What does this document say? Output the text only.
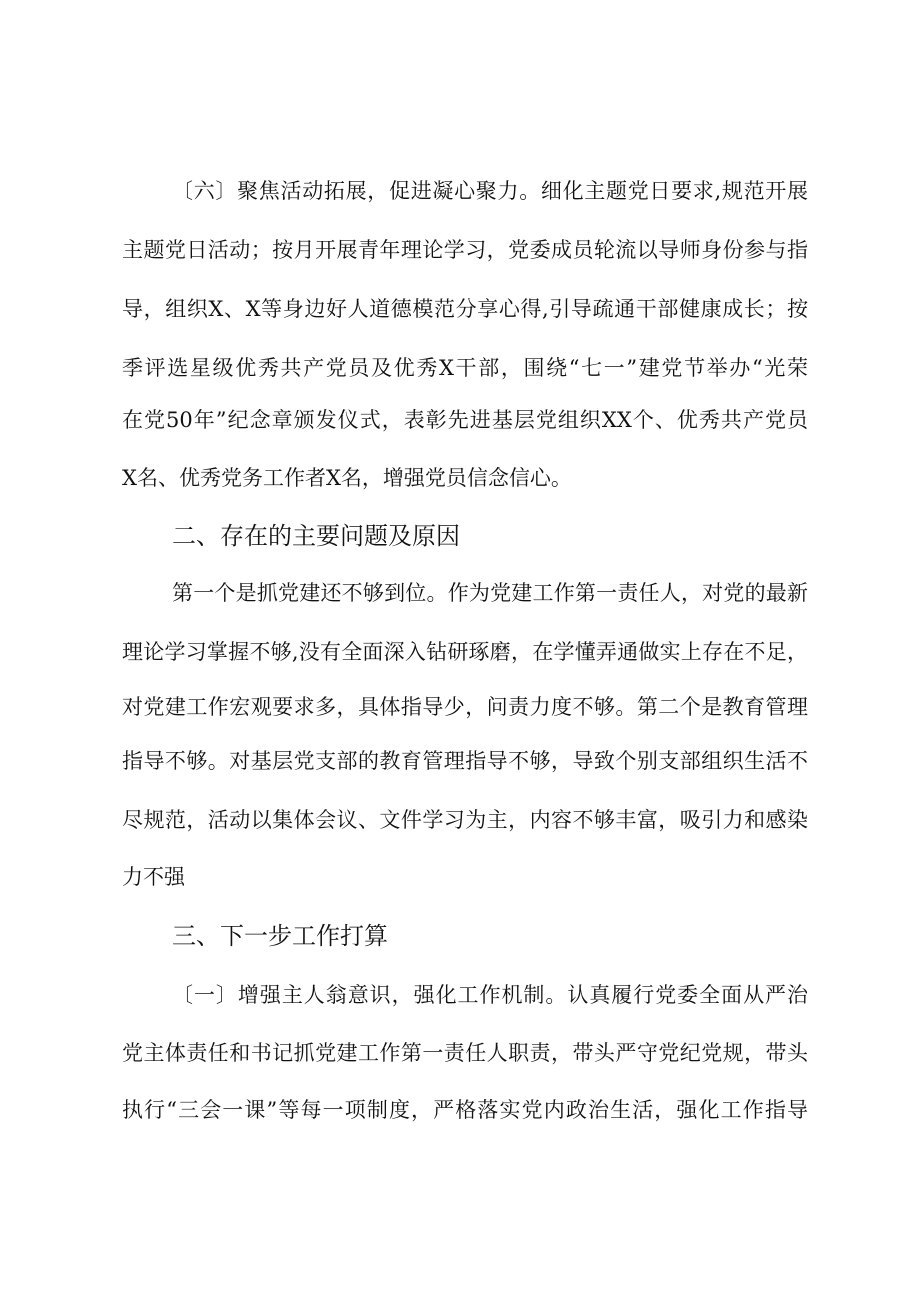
〔六〕聚焦活动拓展，促进凝心聚力。细化主题党日要求,规范开展
主题党日活动；按月开展青年理论学习，党委成员轮流以导师身份参与指
导，组织X、X等身边好人道德模范分享心得,引导疏通干部健康成长；按
季评选星级优秀共产党员及优秀X干部，围绕“七一”建党节举办“光荣
在党50年”纪念章颁发仪式，表彰先进基层党组织XX个、优秀共产党员
X名、优秀党务工作者X名，增强党员信念信心。
二、存在的主要问题及原因
第一个是抓党建还不够到位。作为党建工作第一责任人，对党的最新
理论学习掌握不够,没有全面深入钻研琢磨，在学懂弄通做实上存在不足，
对党建工作宏观要求多，具体指导少，问责力度不够。第二个是教育管理
指导不够。对基层党支部的教育管理指导不够，导致个别支部组织生活不
尽规范，活动以集体会议、文件学习为主，内容不够丰富，吸引力和感染
力不强
三、下一步工作打算
〔一〕增强主人翁意识，强化工作机制。认真履行党委全面从严治
党主体责任和书记抓党建工作第一责任人职责，带头严守党纪党规，带头
执行“三会一课”等每一项制度，严格落实党内政治生活，强化工作指导
